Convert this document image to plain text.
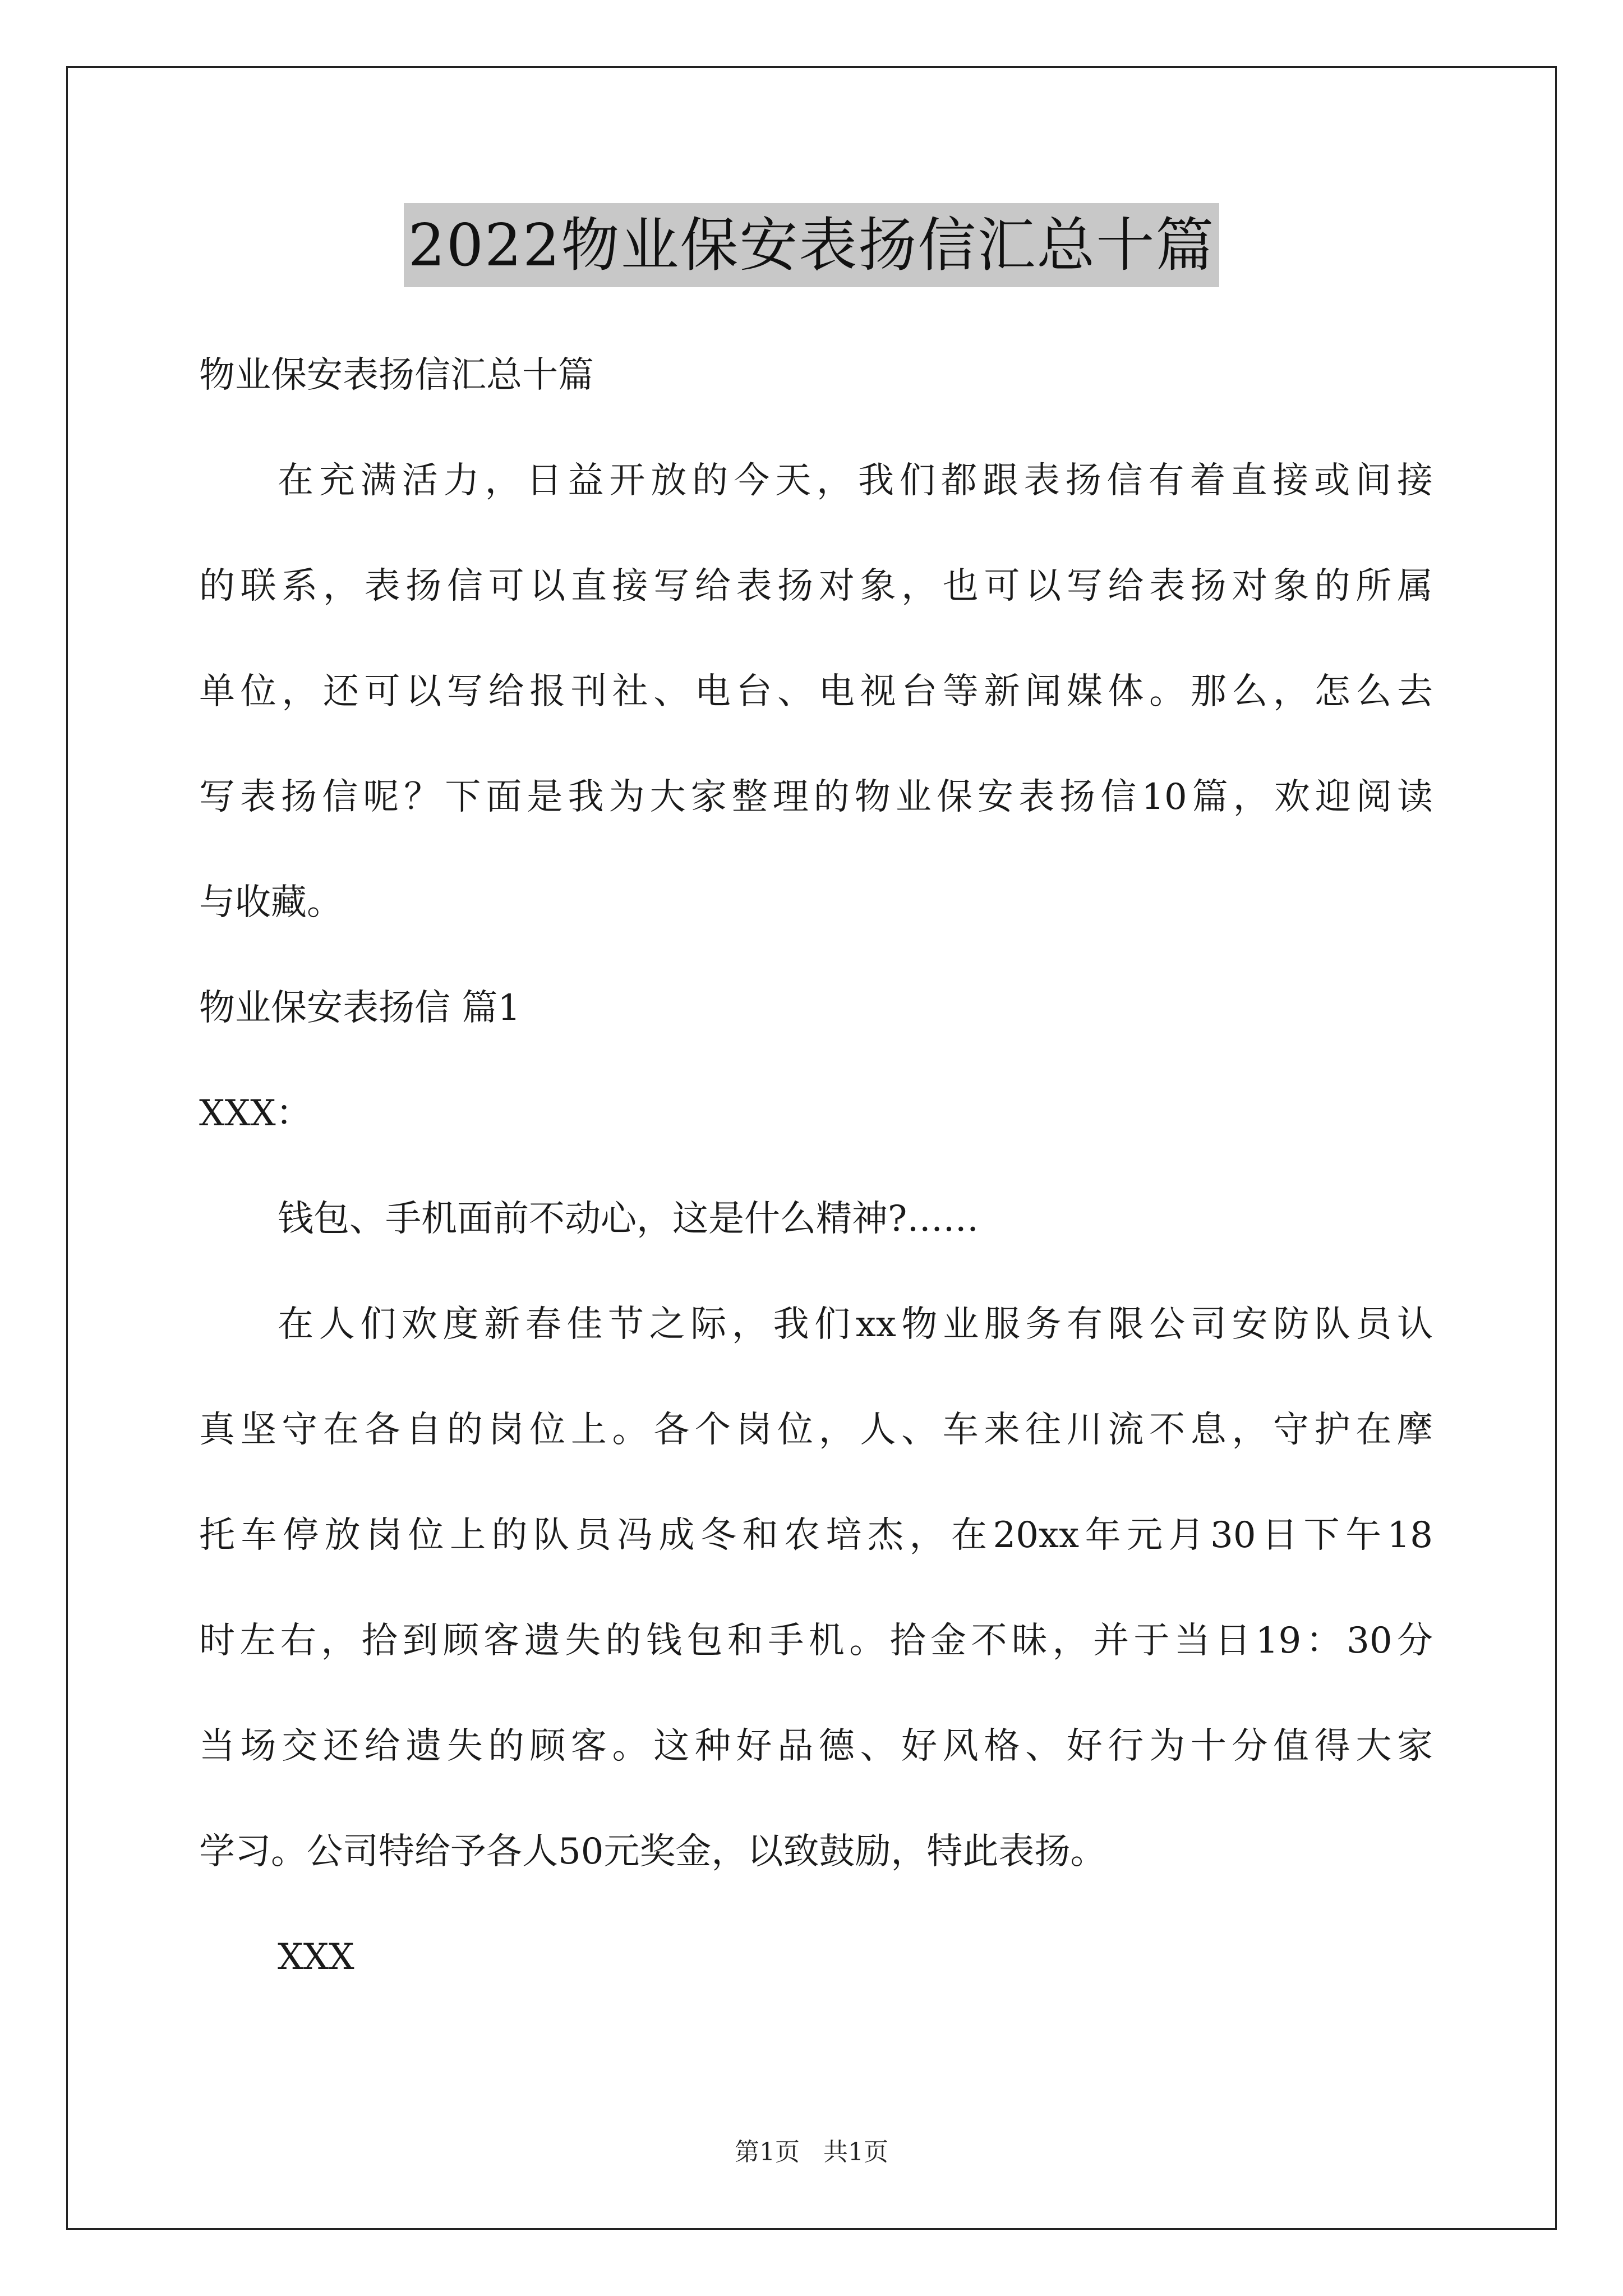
2022物业保安表扬信汇总十篇
物业保安表扬信汇总十篇
在充满活力，日益开放的今天，我们都跟表扬信有着直接或间接
的联系，表扬信可以直接写给表扬对象，也可以写给表扬对象的所属
单位，还可以写给报刊社、电台、电视台等新闻媒体。那么，怎么去
写表扬信呢？下面是我为大家整理的物业保安表扬信10篇，欢迎阅读
与收藏。
物业保安表扬信 篇1
XXX：
钱包、手机面前不动心，这是什么精神?……
在人们欢度新春佳节之际，我们xx物业服务有限公司安防队员认
真坚守在各自的岗位上。各个岗位，人、车来往川流不息，守护在摩
托车停放岗位上的队员冯成冬和农培杰，在20xx年元月30日下午18
时左右，拾到顾客遗失的钱包和手机。拾金不昧，并于当日19：30分
当场交还给遗失的顾客。这种好品德、好风格、好行为十分值得大家
学习。公司特给予各人50元奖金，以致鼓励，特此表扬。
XXX
第1页 共1页
